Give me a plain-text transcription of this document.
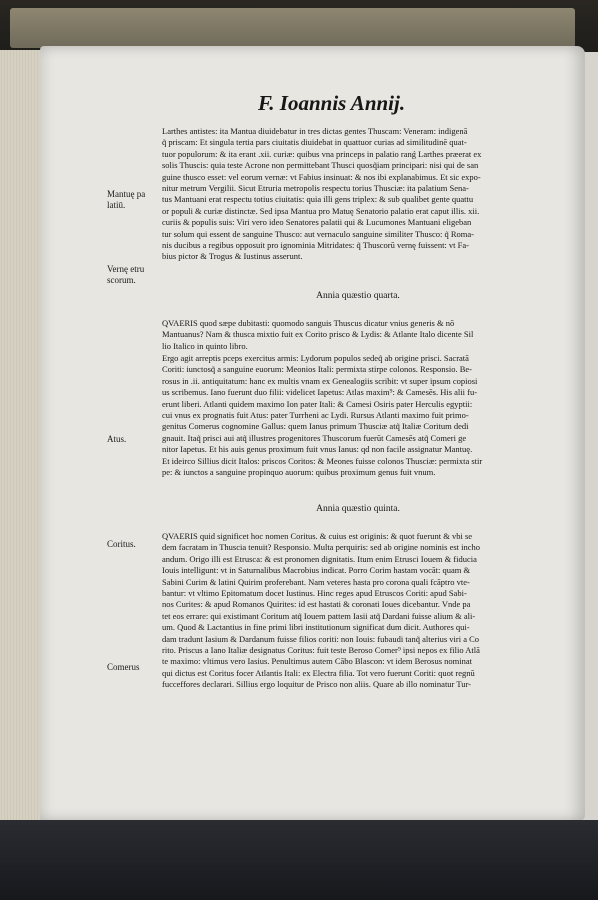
F. Ioannis Annij.

Larthes antistes: ita Mantua diuidebatur in tres dictas gentes Thuscam: Veneram: indigenā

q̃ priscam: Et singula tertia pars ciuitatis diuidebat in quattuor curias ad similitudinē quat-

tuor populorum: & ita erant .xii. curiæ: quibus vna princeps in palatio ranǵ Larthes præerat ex

solis Thuscis: quia teste Acrone non permittebant Thusci quosq̃iam principari: nisi qui de san

guine thusco esset: vel eorum vernæ: vt Fabius insinuat: & nos ibi explanabimus. Et sic expo-

nitur metrum Vergilii. Sicut Etruria metropolis respectu torius Thusciæ: ita palatium Sena-

tus Mantuani erat respectu totius ciuitatis: quia illi gens triplex: & sub qualibet gente quattu

or populi & curiæ distinctæ. Sed ipsa Mantua pro Matuę Senatorio palatio erat caput illis. xii.

curiis & populis suis: Viri vero ideo Senatores palatii qui & Lucumones Mantuani eligeban

tur solum qui essent de sanguine Thusco: aut vernaculo sanguine similiter Thusco: q̃ Roma-

nis ducibus a regibus opposuit pro ignominia Mitridates: q̃ Thuscorū vernę fuissent: vt Fa-

bius pictor & Trogus & Iustinus asserunt.

Annia quæstio quarta.

QVAERIS quod sæpe dubitasti: quomodo sanguis Thuscus dicatur vnius generis & nō

Mantuanus? Nam & thusca mixtio fuit ex Corito prisco & Lydis: & Atlante Italo dicente Sil

lio Italico in quinto libro.

Ergo agit arreptis pceps exercitus armis: Lydorum populos sedeq̃ ab origine prisci. Sacratā

Coriti: iunctosq̃ a sanguine euorum: Meonios Itali: permixta stirpe colonos. Responsio. Be-

rosus in .ii. antiquitatum: hanc ex multis vnam ex Genealogiis scribit: vt super ipsum copiosi

us scribemus. Iano fuerunt duo filii: videlicet Iapetus: Atlas maxim⁹: & Camesēs. His alii fu-

erunt liberi. Atlanti quidem maximo Ion pater Itali: & Camesi Osiris pater Herculis egyptii:

cui vnus ex prognatis fuit Atus: pater Turrheni ac Lydi. Rursus Atlanti maximo fuit primo-

genitus Comerus cognomine Gallus: quem Ianus primum Thusciæ atq̃ Italiæ Coritum dedi

gnauit. Itaq̃ prisci aui atq̃ illustres progenitores Thuscorum fuerūt Camesēs atq̃ Comeri ge

nitor Iapetus. Et his auis genus proximum fuit vnus Ianus: qd non facile assignatur Mantuę.

Et ideirco Sillius dicit Italos: priscos Coritos: & Meones fuisse colonos Thusciæ: permixta stir

pe: & iunctos a sanguine propinquo auorum: quibus proximum genus fuit vnum.

Annia quæstio quinta.

QVAERIS quid significet hoc nomen Coritus. & cuius est originis: & quot fuerunt & vbi se

dem facratam in Thuscia tenuit? Responsio. Multa perquiris: sed ab origine nominis est incho

andum. Origo illi est Etrusca: & est pronomen dignitatis. Itum enim Etrusci Iouem & fiducia

Iouis intelligunt: vt in Saturnalibus Macrobius indicat. Porro Corim hastam vocāt: quam &

Sabini Curim & latini Quirim proferebant. Nam veteres hasta pro corona quali fcāptro vte-

bantur: vt vltimo Epitomatum docet Iustinus. Hinc reges apud Etruscos Coriti: apud Sabi-

nos Curites: & apud Romanos Quirites: id est hastati & coronati Ioues dicebantur. Vnde pa

tet eos errare: qui existimant Coritum atq̃ Iouem pattem Iasii atq̃ Dardani fuisse alium & ali-

um. Quod & Lactantius in fine primi libri institutionum significat dum dicit. Authores qui-

dam tradunt Iasium & Dardanum fuisse filios coriti: non Iouis: fubaudi tanq̃ alterius viri a Co

rito. Priscus a Iano Italiæ designatus Coritus: fuit teste Beroso Comer⁹ ipsi nepos ex filio Atlā

te maximo: vltimus vero Iasius. Penultimus autem Cābo Blascon: vt idem Berosus nominat

qui dictus est Coritus focer Atlantis Itali: ex Electra filia. Tot vero fuerunt Coriti: quot regnū

fucceffores declarari. Sillius ergo loquitur de Prisco non aliis. Quare ab illo nominatur Tur-

Mantuę pa latiū.
Vernę etru scorum.
Atus.
Coritus.
Comerus
